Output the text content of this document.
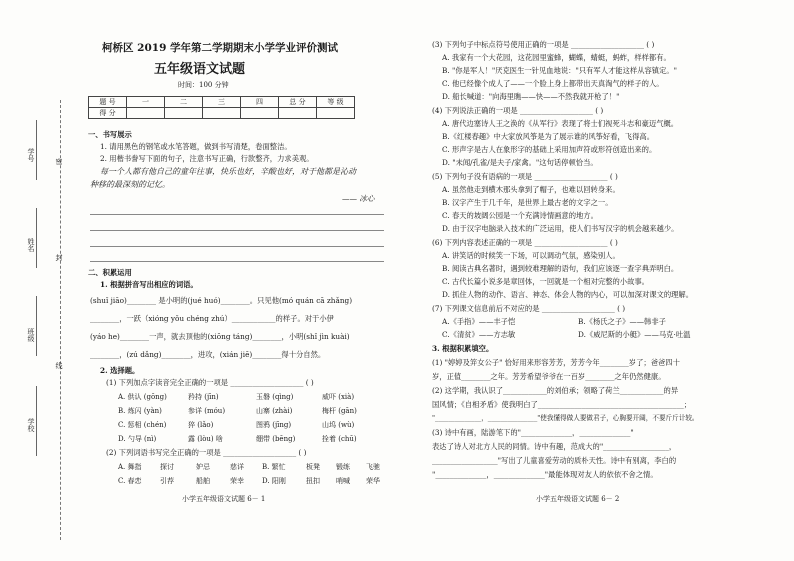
学号	密
姓名
封
班级
线
学校
柯桥区 2019 学年第二学期期末小学学业评价测试
五年级语文试题
时间：100 分钟
题 号	一	二	三	四	总 分	等 级
得 分						
一、书写展示
1. 请用黑色的钢笔或水笔答题，做到书写清楚，卷面整洁。
2. 用楷书誊写下面的句子，注意书写正确，行款整齐，力求美观。
每一个人都有他自己的童年往事，快乐也好，辛酸也好，对于他都是沁动
种移的最深刻的记忆。
—— 冰心
二、积累运用
1. 根据拼音写出相应的词语。
(shuǐ jiāo)________ 是小明的(jué huó)________。只见他(mó quán cā zhǎng)
________，一跃（xióng yǒu chéng zhú）____________的样子。对于小伊
(yáo he)________一声，就去顶他的(xiōng táng)________，小明(shǐ jìn kuài)
________，(zú dǎng)________，进攻，(xián jiē)________得十分自然。
2. 选择题。
(1) 下列加点字读音完全正确的一项是 ____________________ ( )
A. 供认 (gōng)	矜持 (jīn)	玉磐 (qìng)	威吓 (xià)
B. 炼闪 (yàn)	参详 (móu)	山寨 (zhài)	梅杆 (gān)
C. 惩相 (chén)	猝 (lǎo)	图鸦 (jīng)	山坞 (wù)
D. 勺导 (nì)	露 (lòu) 啥	绷带 (bēng)	拴着 (chū)
(2) 下列词语书写完全正确的一项是 ____________________ ( )
A. 舞指	探讨	妒忌	慈详	B. 繁忙	板凳 锻练 飞驰
C. 春恋	引荐	船舶	荣幸	D. 阳刚	扭扣 哨喊 荣华
小学五年级语文试题 6－ 1
(3) 下列句子中标点符号使用正确的一项是 ____________________ ( )
A. 我家有一个大花园，这花园里蜜蜂，蝴蝶，蜻蜓，蚂蚱，样样都有。
B. "你是军人！"厌克医生一针见血地说："只有军人才能这样从容镇定。"
C. 他已经像个成人了——一个脸上身上都带出天真淘气的样子的人。
D. 船长喊道："向海里瞧——快——不然我就开枪了！"
(4) 下列说法正确的一项是 ____________________ ( )
A. 唐代边塞诗人王之涣的《从军行》表现了将士们视死斗志和豪迈气概。
B.《红楼春趣》中大家放风筝是为了展示谁的风筝好看，飞得高。
C. 形声字是古人在象形字的基础上采用加声符或形符创造出来的。
D. "未闻/孔雀/是夫子/家禽。"这句话停顿恰当。
(5) 下列句子没有语病的一项是 ____________________ ( )
A. 虽然他走到横木那头拿到了帽子，也难以回转身来。
B. 汉字产生于几千年，是世界上最古老的文字之一。
C. 春天的坡阔公园是一个充满诗情画意的地方。
D. 由于汉字电脑录入技术的广泛运用，使人们书写汉字的机会越来越少。
(6) 下列内容表述正确的一项是 ____________________ ( )
A. 讲笑话的时候笑一下场，可以调动气氛，感染别人。
B. 阅读古典名著时，遇到较难理解的语句，我们应该逐一查字典弄明白。
C. 古代长篇小说多是章回体，一回就是一个相对完整的小故事。
D. 抓住人物的动作、语言、神态、体会人物的内心，可以加深对课文的理解。
(7) 下列课文信息前后不对应的是 ____________________ ( )
A.《手指》——丰子恺	B.《杨氏之子》——韩非子
C.《清贫》——方志敏	D.《威尼斯的小艇》——马克·吐温
3. 根据积累填空。
(1) "婷婷及笄女公子" 恰好用来形容芳芳，芳芳今年________岁了；爸爸四十
岁，正值________之年。芳芳希望爷爷在一百岁________之年仍然健康。
(2) 这学期，我认识了____________的刘伯承；领略了荷兰____________的异
国风情；《自相矛盾》使我明白了________________________________________；
"______________，_______________"使我懂得做人要做君子，心胸要开阔，不要斤斤计较。
(3) 诗中有画，陆游笔下的"______________，______________"
表达了诗人对北方人民的同情。诗中有趣，范成大的"__________________，
__________________"写出了儿童喜爱劳动的质朴天性。诗中有别离，李白的
"______________，______________"最能体现对友人的依依不舍之情。
小学五年级语文试题 6－ 2
